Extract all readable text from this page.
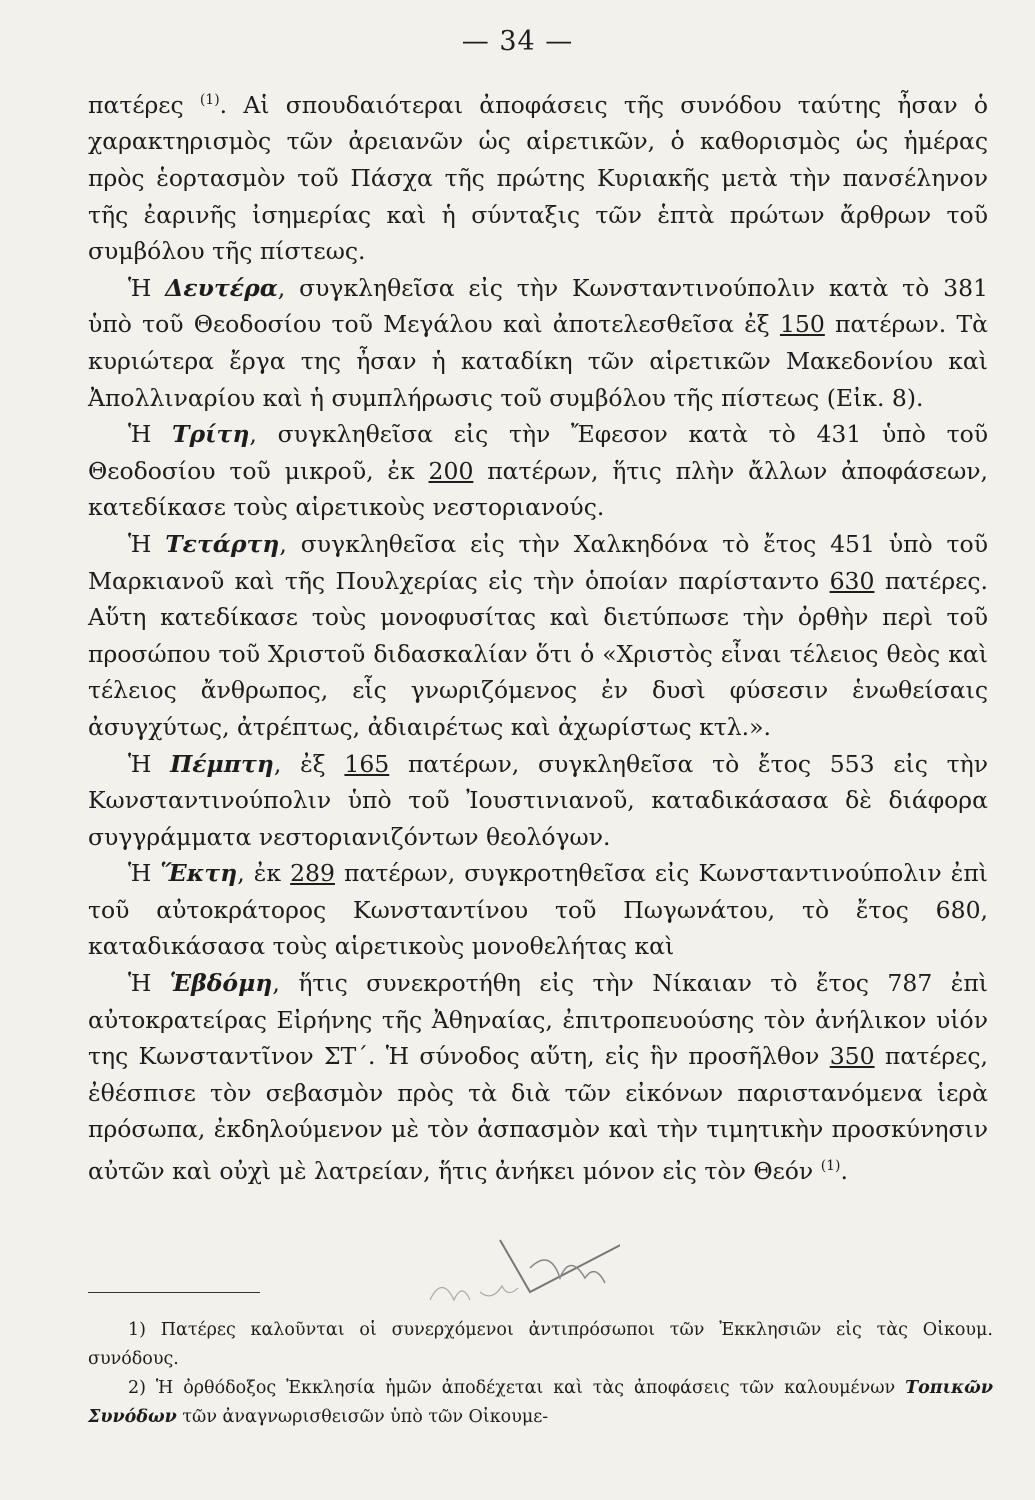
— 34 —

πατέρες $^{(1)}$. Αἱ σπουδαιότεραι ἀποφάσεις τῆς συνόδου ταύτης ἦσαν ὁ χαρακτηρισμὸς τῶν ἀρειανῶν ὡς αἱρετικῶν, ὁ καθορισμὸς ὡς ἡμέρας πρὸς ἑορτασμὸν τοῦ Πάσχα τῆς πρώτης Κυριακῆς μετὰ τὴν πανσέληνον τῆς ἐαρινῆς ἰσημερίας καὶ ἡ σύνταξις τῶν ἑπτὰ πρώτων ἄρθρων τοῦ συμβόλου τῆς πίστεως.

Ἡ Δευτέρα, συγκληθεῖσα εἰς τὴν Κωνσταντινούπολιν κατὰ τὸ 381 ὑπὸ τοῦ Θεοδοσίου τοῦ Μεγάλου καὶ ἀποτελεσθεῖσα ἐξ 150 πατέρων. Τὰ κυριώτερα ἔργα της ἦσαν ἡ καταδίκη τῶν αἱρετικῶν Μακεδονίου καὶ Ἀπολλιναρίου καὶ ἡ συμπλήρωσις τοῦ συμβόλου τῆς πίστεως (Εἰκ. 8).

Ἡ Τρίτη, συγκληθεῖσα εἰς τὴν Ἔφεσον κατὰ τὸ 431 ὑπὸ τοῦ Θεοδοσίου τοῦ μικροῦ, ἐκ 200 πατέρων, ἥτις πλὴν ἄλλων ἀποφάσεων, κατεδίκασε τοὺς αἱρετικοὺς νεστοριανούς.

Ἡ Τετάρτη, συγκληθεῖσα εἰς τὴν Χαλκηδόνα τὸ ἔτος 451 ὑπὸ τοῦ Μαρκιανοῦ καὶ τῆς Πουλχερίας εἰς τὴν ὁποίαν παρίσταντο 630 πατέρες. Αὕτη κατεδίκασε τοὺς μονοφυσίτας καὶ διετύπωσε τὴν ὀρθὴν περὶ τοῦ προσώπου τοῦ Χριστοῦ διδασκαλίαν ὅτι ὁ «Χριστὸς εἶναι τέλειος θεὸς καὶ τέλειος ἄνθρωπος, εἷς γνωριζόμενος ἐν δυσὶ φύσεσιν ἑνωθείσαις ἀσυγχύτως, ἀτρέπτως, ἀδιαιρέτως καὶ ἀχωρίστως κτλ.».

Ἡ Πέμπτη, ἐξ 165 πατέρων, συγκληθεῖσα τὸ ἔτος 553 εἰς τὴν Κωνσταντινούπολιν ὑπὸ τοῦ Ἰουστινιανοῦ, καταδικάσασα δὲ διάφορα συγγράμματα νεστοριανιζόντων θεολόγων.

Ἡ Ἕκτη, ἐκ 289 πατέρων, συγκροτηθεῖσα εἰς Κωνσταντινούπολιν ἐπὶ τοῦ αὐτοκράτορος Κωνσταντίνου τοῦ Πωγωνάτου, τὸ ἔτος 680, καταδικάσασα τοὺς αἱρετικοὺς μονοθελήτας καὶ

Ἡ Ἑβδόμη, ἥτις συνεκροτήθη εἰς τὴν Νίκαιαν τὸ ἔτος 787 ἐπὶ αὐτοκρατείρας Εἰρήνης τῆς Ἀθηναίας, ἐπιτροπευούσης τὸν ἀνήλικον υἱόν της Κωνσταντῖνον ΣΤ΄. Ἡ σύνοδος αὕτη, εἰς ἣν προσῆλθον 350 πατέρες, ἐθέσπισε τὸν σεβασμὸν πρὸς τὰ διὰ τῶν εἰκόνων παριστανόμενα ἱερὰ πρόσωπα, ἐκδηλούμενον μὲ τὸν ἀσπασμὸν καὶ τὴν τιμητικὴν προσκύνησιν αὐτῶν καὶ οὐχὶ μὲ λατρείαν, ἥτις ἀνήκει μόνον εἰς τὸν Θεόν $^{(1)}$.

1) Πατέρες καλοῦνται οἱ συνερχόμενοι ἀντιπρόσωποι τῶν Ἐκκλησιῶν εἰς τὰς Οἰκουμ. συνόδους.

2) Ἡ ὀρθόδοξος Ἐκκλησία ἡμῶν ἀποδέχεται καὶ τὰς ἀποφάσεις τῶν καλουμένων Τοπικῶν Συνόδων τῶν ἀναγνωρισθεισῶν ὑπὸ τῶν Οἰκουμε-
